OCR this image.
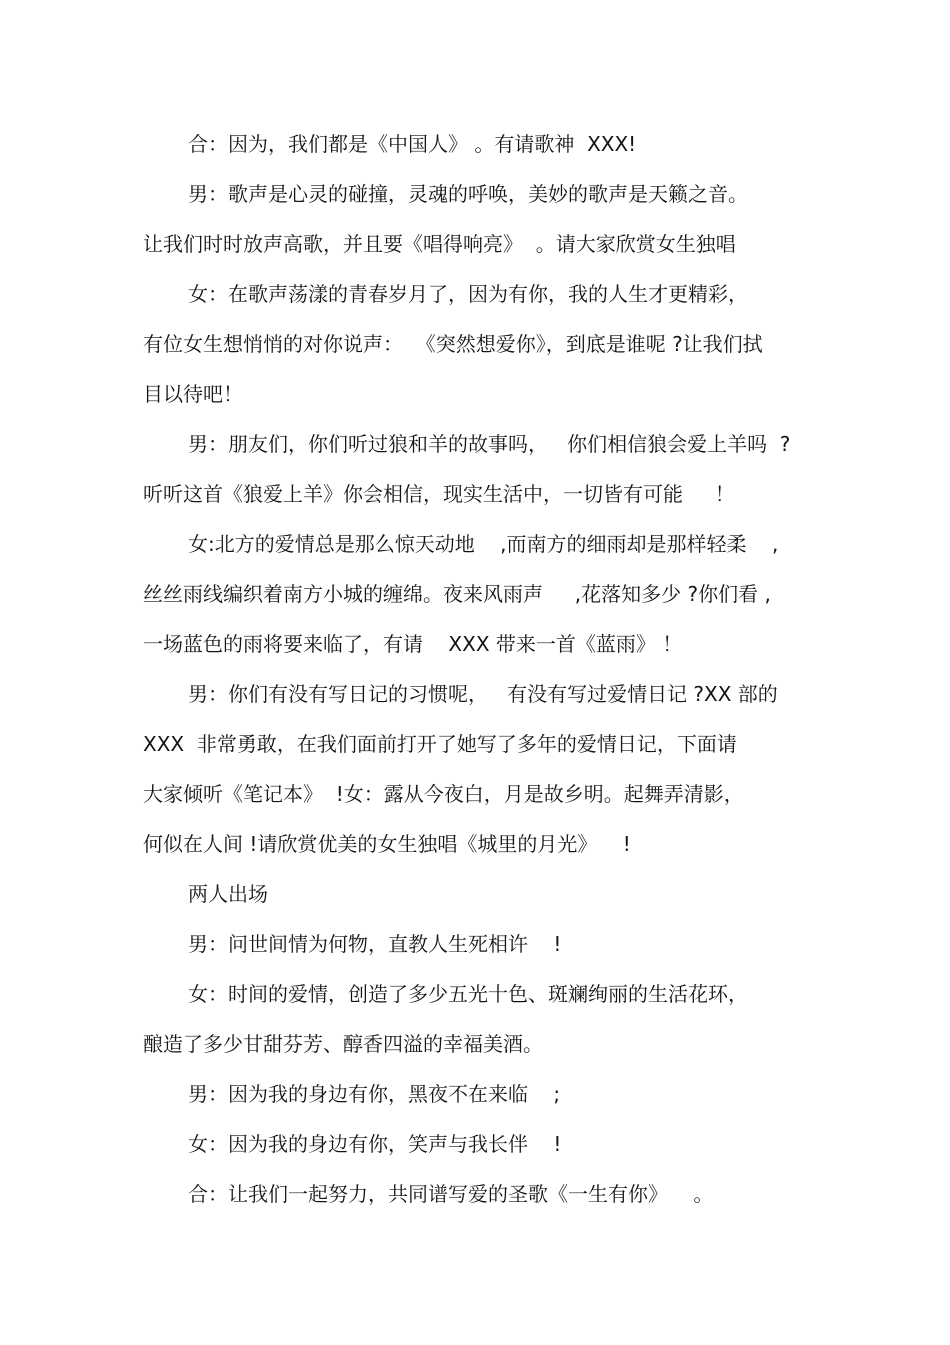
合：因为，我们都是《中国人》 。有请歌神  XXX!
男：歌声是心灵的碰撞，灵魂的呼唤，美妙的歌声是天籁之音。
让我们时时放声高歌，并且要《唱得响亮》  。请大家欣赏女生独唱
女：在歌声荡漾的青春岁月了，因为有你，我的人生才更精彩，
有位女生想悄悄的对你说声：  《突然想爱你》，到底是谁呢 ?让我们拭
目以待吧！
男：朋友们，你们听过狼和羊的故事吗，   你们相信狼会爱上羊吗  ?
听听这首《狼爱上羊》你会相信，现实生活中，一切皆有可能     ！
女:北方的爱情总是那么惊天动地    ,而南方的细雨却是那样轻柔    ,
丝丝雨线编织着南方小城的缠绵。夜来风雨声     ,花落知多少 ?你们看 ,
一场蓝色的雨将要来临了，有请    XXX 带来一首《蓝雨》 ！
男：你们有没有写日记的习惯呢，   有没有写过爱情日记 ?XX 部的
XXX  非常勇敢，在我们面前打开了她写了多年的爱情日记，下面请
大家倾听《笔记本》  !女：露从今夜白，月是故乡明。起舞弄清影，
何似在人间 !请欣赏优美的女生独唱《城里的月光》    !
两人出场
男：问世间情为何物，直教人生死相许    !
女：时间的爱情，创造了多少五光十色、斑斓绚丽的生活花环，
酿造了多少甘甜芬芳、醇香四溢的幸福美酒。
男：因为我的身边有你，黑夜不在来临    ;
女：因为我的身边有你，笑声与我长伴    !
合：让我们一起努力，共同谱写爱的圣歌《一生有你》    。
